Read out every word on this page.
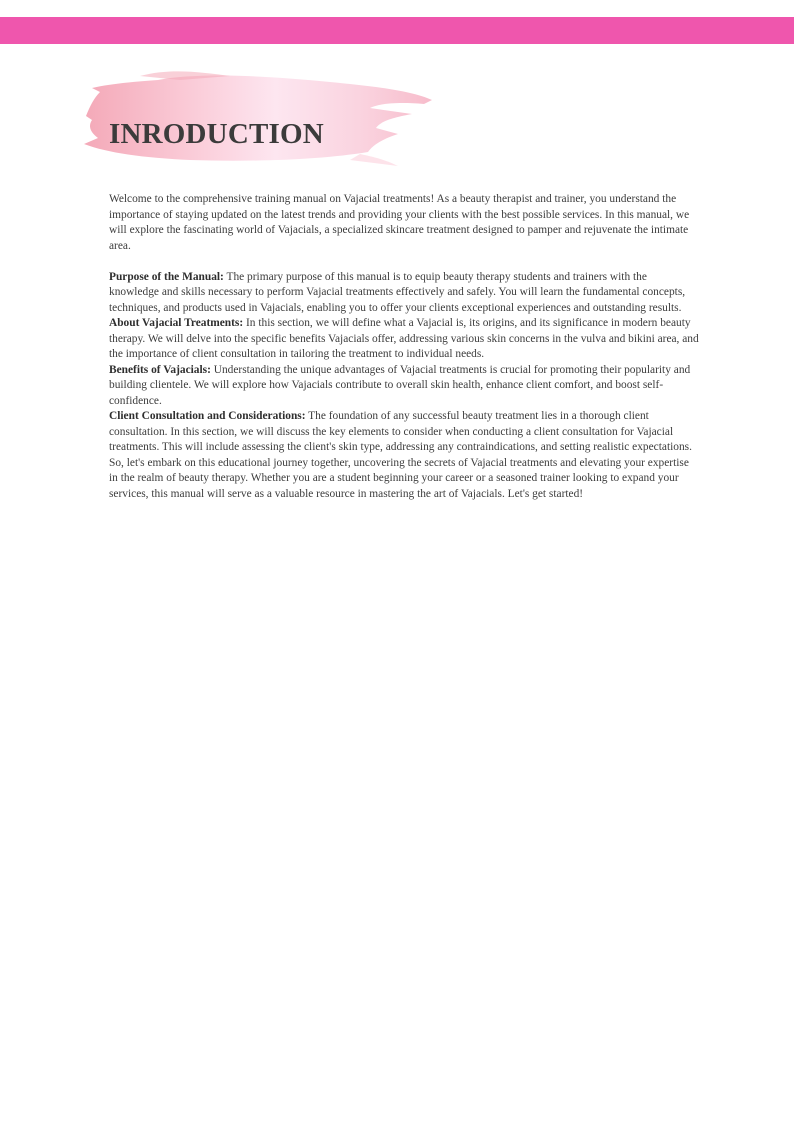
INRODUCTION

Welcome to the comprehensive training manual on Vajacial treatments! As a beauty therapist and trainer, you understand the importance of staying updated on the latest trends and providing your clients with the best possible services. In this manual, we will explore the fascinating world of Vajacials, a specialized skincare treatment designed to pamper and rejuvenate the intimate area.

Purpose of the Manual: The primary purpose of this manual is to equip beauty therapy students and trainers with the knowledge and skills necessary to perform Vajacial treatments effectively and safely. You will learn the fundamental concepts, techniques, and products used in Vajacials, enabling you to offer your clients exceptional experiences and outstanding results.

About Vajacial Treatments: In this section, we will define what a Vajacial is, its origins, and its significance in modern beauty therapy. We will delve into the specific benefits Vajacials offer, addressing various skin concerns in the vulva and bikini area, and the importance of client consultation in tailoring the treatment to individual needs.

Benefits of Vajacials: Understanding the unique advantages of Vajacial treatments is crucial for promoting their popularity and building clientele. We will explore how Vajacials contribute to overall skin health, enhance client comfort, and boost self-confidence.

Client Consultation and Considerations: The foundation of any successful beauty treatment lies in a thorough client consultation. In this section, we will discuss the key elements to consider when conducting a client consultation for Vajacial treatments. This will include assessing the client's skin type, addressing any contraindications, and setting realistic expectations.

So, let's embark on this educational journey together, uncovering the secrets of Vajacial treatments and elevating your expertise in the realm of beauty therapy. Whether you are a student beginning your career or a seasoned trainer looking to expand your services, this manual will serve as a valuable resource in mastering the art of Vajacials. Let's get started!
